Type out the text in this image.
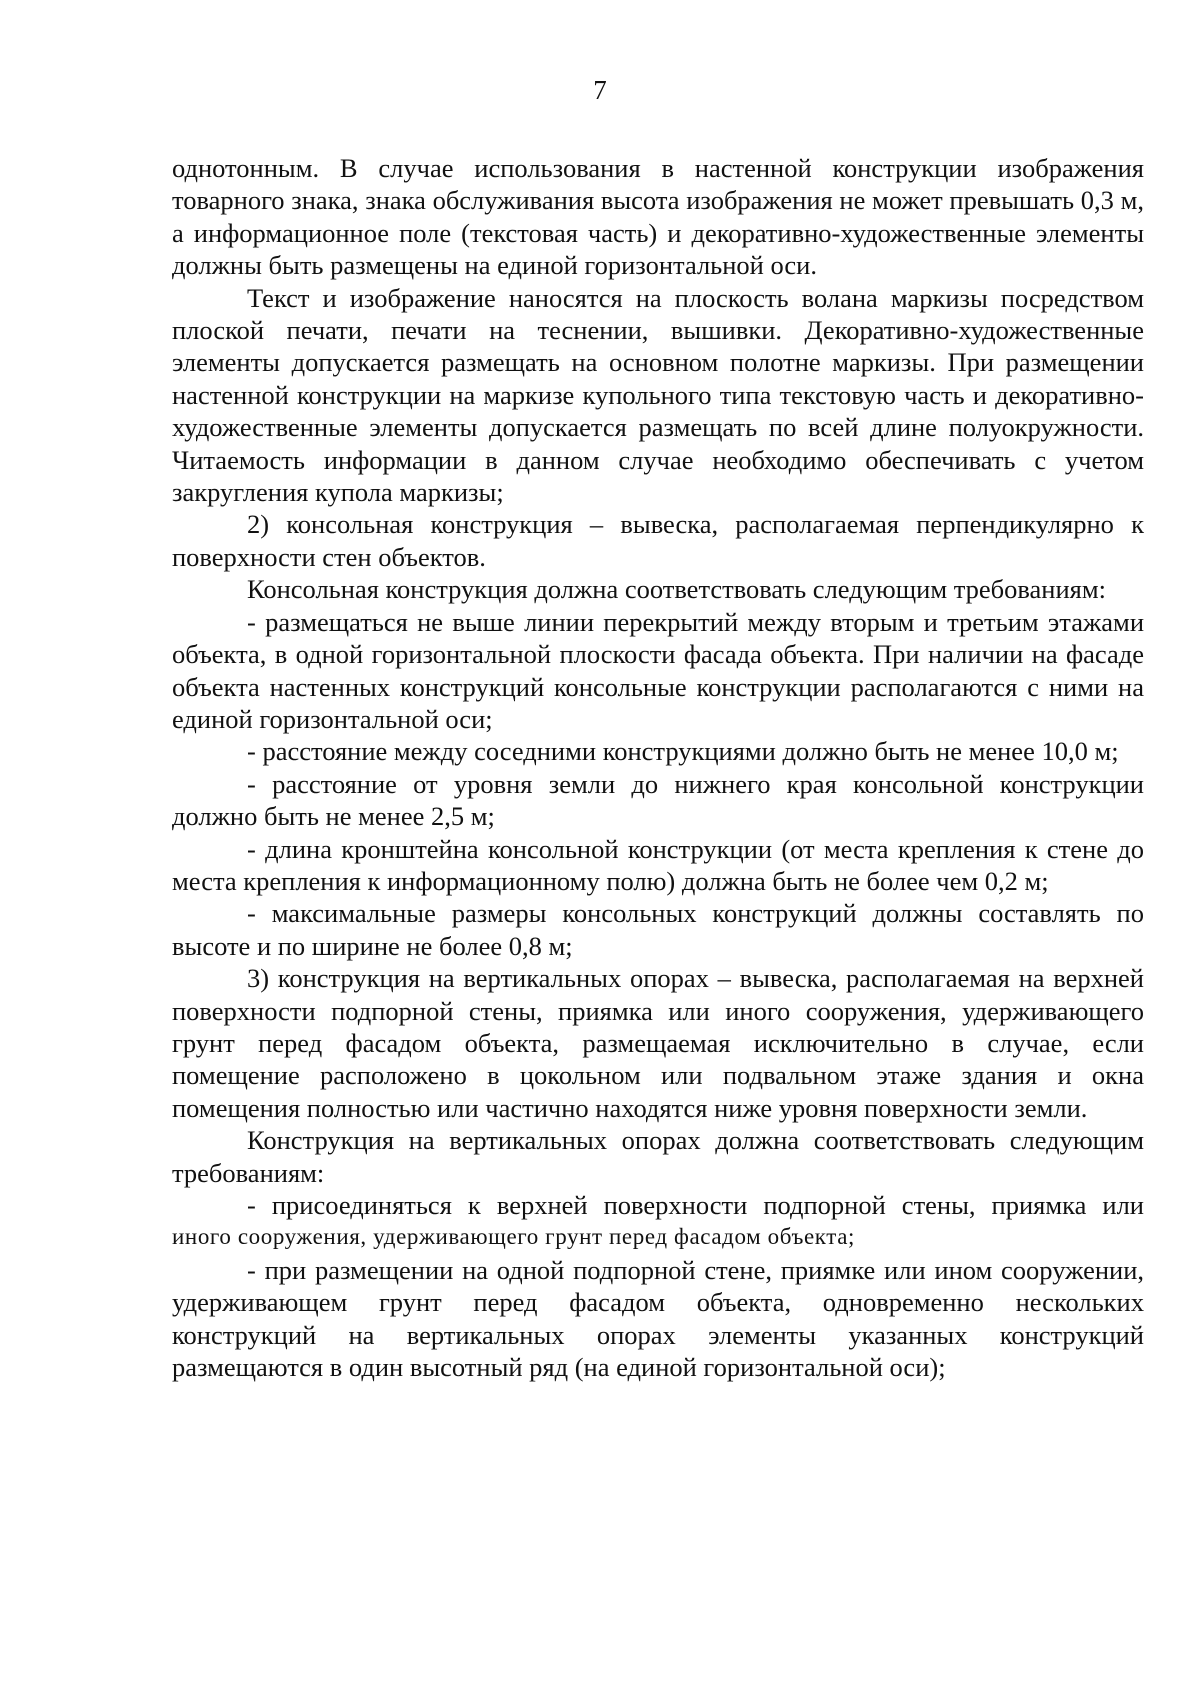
7

однотонным. В случае использования в настенной конструкции изображения товарного знака, знака обслуживания высота изображения не может превышать 0,3 м, а информационное поле (текстовая часть) и декоративно-художественные элементы должны быть размещены на единой горизонтальной оси.

Текст и изображение наносятся на плоскость волана маркизы посредством плоской печати, печати на теснении, вышивки. Декоративно-художественные элементы допускается размещать на основном полотне маркизы. При размещении настенной конструкции на маркизе купольного типа текстовую часть и декоративно-художественные элементы допускается размещать по всей длине полуокружности. Читаемость информации в данном случае необходимо обеспечивать с учетом закругления купола маркизы;

2) консольная конструкция – вывеска, располагаемая перпендикулярно к поверхности стен объектов.

Консольная конструкция должна соответствовать следующим требованиям:

- размещаться не выше линии перекрытий между вторым и третьим этажами объекта, в одной горизонтальной плоскости фасада объекта. При наличии на фасаде объекта настенных конструкций консольные конструкции располагаются с ними на единой горизонтальной оси;

- расстояние между соседними конструкциями должно быть не менее 10,0 м;

- расстояние от уровня земли до нижнего края консольной конструкции должно быть не менее 2,5 м;

- длина кронштейна консольной конструкции (от места крепления к стене до места крепления к информационному полю) должна быть не более чем 0,2 м;

- максимальные размеры консольных конструкций должны составлять по высоте и по ширине не более 0,8 м;

3) конструкция на вертикальных опорах – вывеска, располагаемая на верхней поверхности подпорной стены, приямка или иного сооружения, удерживающего грунт перед фасадом объекта, размещаемая исключительно в случае, если помещение расположено в цокольном или подвальном этаже здания и окна помещения полностью или частично находятся ниже уровня поверхности земли.

Конструкция на вертикальных опорах должна соответствовать следующим требованиям:

- присоединяться к верхней поверхности подпорной стены, приямка или

иного сооружения, удерживающего грунт перед фасадом объекта;

- при размещении на одной подпорной стене, приямке или ином сооружении, удерживающем грунт перед фасадом объекта, одновременно нескольких конструкций на вертикальных опорах элементы указанных конструкций размещаются в один высотный ряд (на единой горизонтальной оси);
